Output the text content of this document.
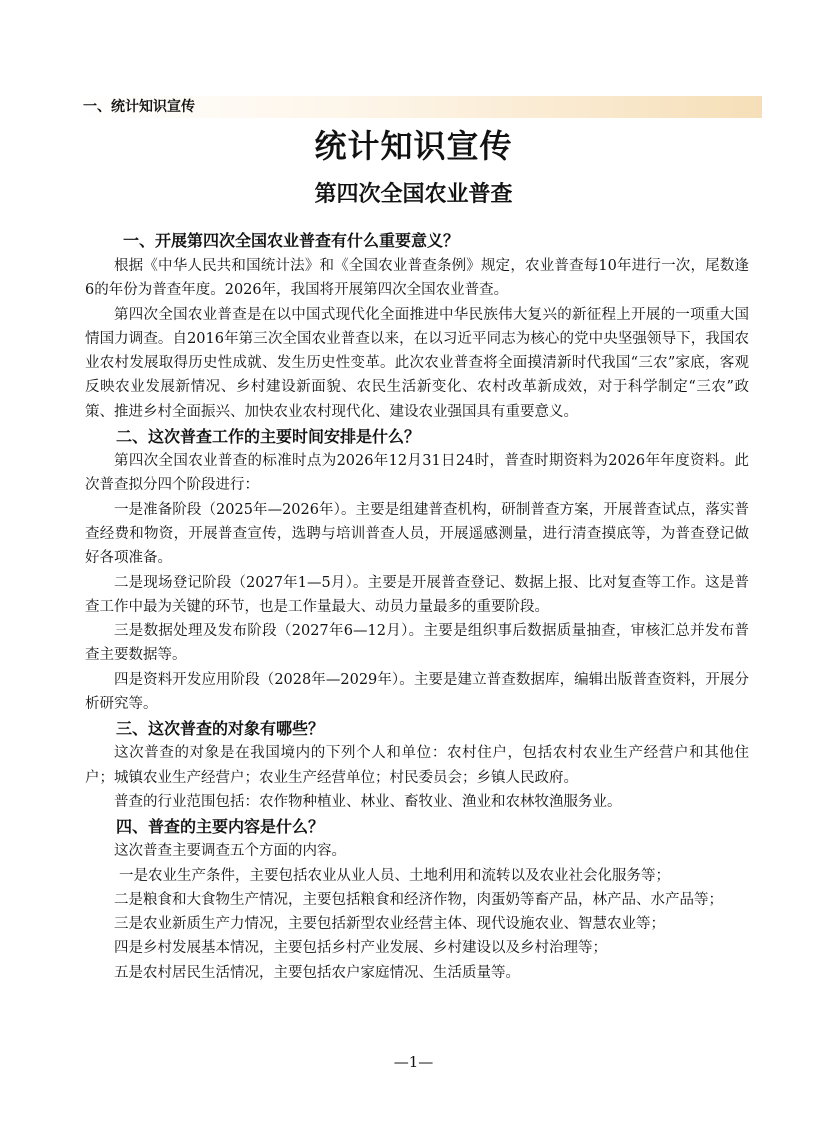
一、统计知识宣传
统计知识宣传
第四次全国农业普查
一、开展第四次全国农业普查有什么重要意义？

根据《中华人民共和国统计法》和《全国农业普查条例》规定，农业普查每10年进行一次，尾数逢6的年份为普查年度。2026年，我国将开展第四次全国农业普查。

第四次全国农业普查是在以中国式现代化全面推进中华民族伟大复兴的新征程上开展的一项重大国情国力调查。自2016年第三次全国农业普查以来，在以习近平同志为核心的党中央坚强领导下，我国农业农村发展取得历史性成就、发生历史性变革。此次农业普查将全面摸清新时代我国“三农”家底，客观反映农业发展新情况、乡村建设新面貌、农民生活新变化、农村改革新成效，对于科学制定“三农”政策、推进乡村全面振兴、加快农业农村现代化、建设农业强国具有重要意义。

二、这次普查工作的主要时间安排是什么？

第四次全国农业普查的标准时点为2026年12月31日24时，普查时期资料为2026年年度资料。此次普查拟分四个阶段进行：

一是准备阶段（2025年—2026年）。主要是组建普查机构，研制普查方案，开展普查试点，落实普查经费和物资，开展普查宣传，选聘与培训普查人员，开展遥感测量，进行清查摸底等，为普查登记做好各项准备。

二是现场登记阶段（2027年1—5月）。主要是开展普查登记、数据上报、比对复查等工作。这是普查工作中最为关键的环节，也是工作量最大、动员力量最多的重要阶段。

三是数据处理及发布阶段（2027年6—12月）。主要是组织事后数据质量抽查，审核汇总并发布普查主要数据等。

四是资料开发应用阶段（2028年—2029年）。主要是建立普查数据库，编辑出版普查资料，开展分析研究等。

三、这次普查的对象有哪些？

这次普查的对象是在我国境内的下列个人和单位：农村住户，包括农村农业生产经营户和其他住户；城镇农业生产经营户；农业生产经营单位；村民委员会；乡镇人民政府。

普查的行业范围包括：农作物种植业、林业、畜牧业、渔业和农林牧渔服务业。

四、普查的主要内容是什么？

这次普查主要调查五个方面的内容。

一是农业生产条件，主要包括农业从业人员、土地利用和流转以及农业社会化服务等；

二是粮食和大食物生产情况，主要包括粮食和经济作物，肉蛋奶等畜产品，林产品、水产品等；

三是农业新质生产力情况，主要包括新型农业经营主体、现代设施农业、智慧农业等；

四是乡村发展基本情况，主要包括乡村产业发展、乡村建设以及乡村治理等；

五是农村居民生活情况，主要包括农户家庭情况、生活质量等。

—1—
